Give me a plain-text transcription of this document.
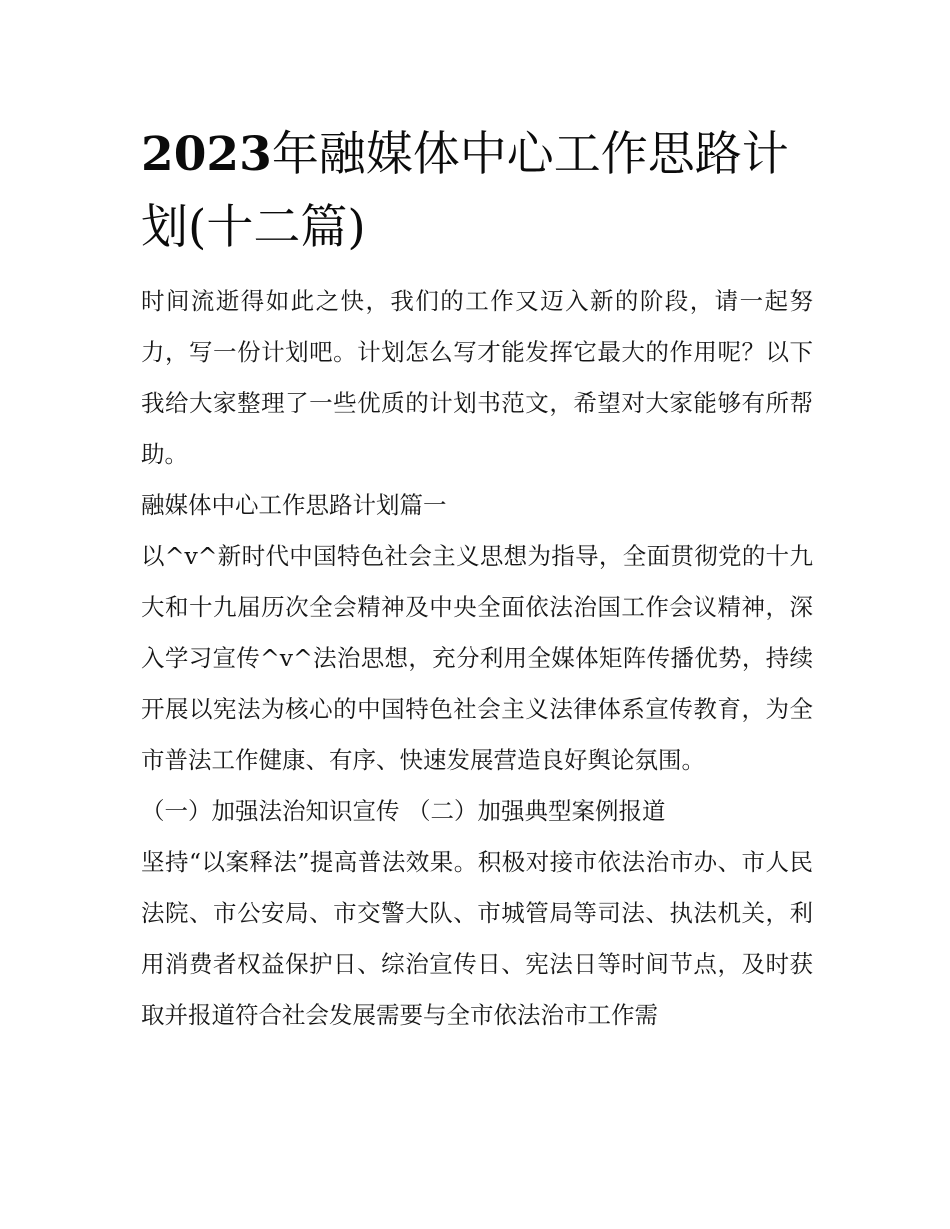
2023年融媒体中心工作思路计划(十二篇)

时间流逝得如此之快，我们的工作又迈入新的阶段，请一起努力，写一份计划吧。计划怎么写才能发挥它最大的作用呢？以下我给大家整理了一些优质的计划书范文，希望对大家能够有所帮助。

融媒体中心工作思路计划篇一

以^v^新时代中国特色社会主义思想为指导，全面贯彻党的十九大和十九届历次全会精神及中央全面依法治国工作会议精神，深入学习宣传^v^法治思想，充分利用全媒体矩阵传播优势，持续开展以宪法为核心的中国特色社会主义法律体系宣传教育，为全市普法工作健康、有序、快速发展营造良好舆论氛围。

（一）加强法治知识宣传 （二）加强典型案例报道

坚持“以案释法”提高普法效果。积极对接市依法治市办、市人民法院、市公安局、市交警大队、市城管局等司法、执法机关，利用消费者权益保护日、综治宣传日、宪法日等时间节点，及时获取并报道符合社会发展需要与全市依法治市工作需
